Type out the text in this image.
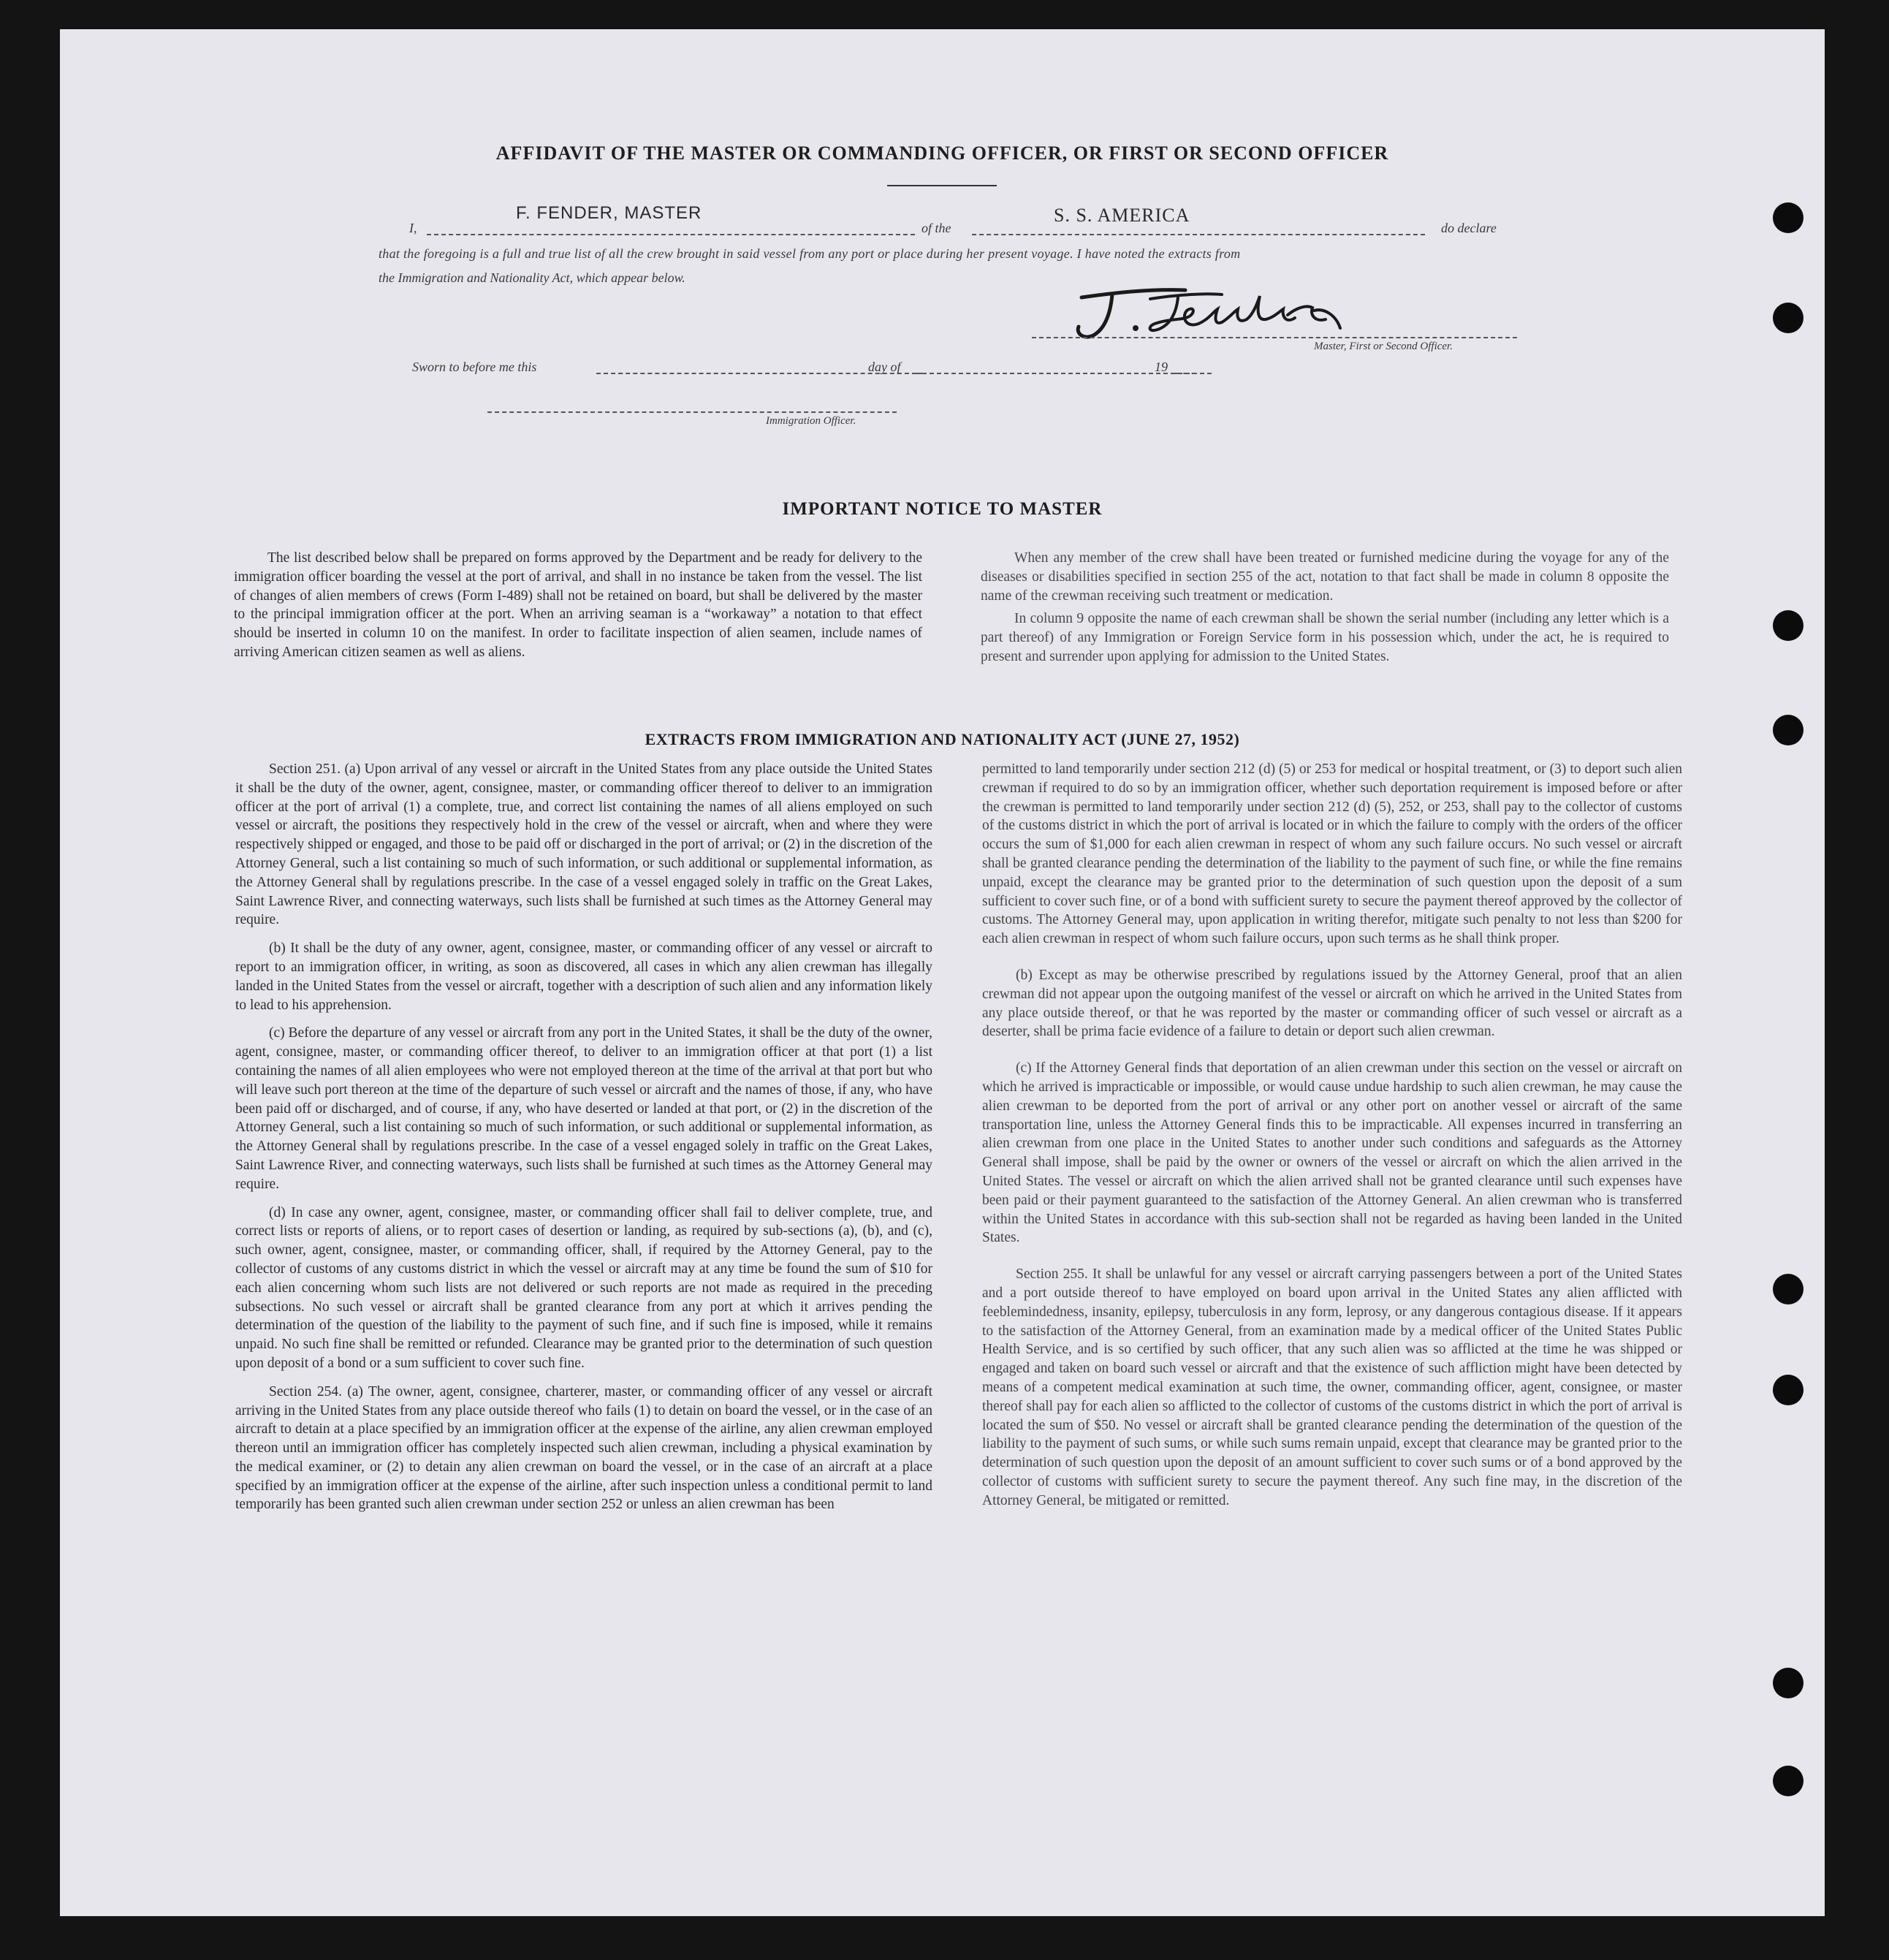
AFFIDAVIT OF THE MASTER OR COMMANDING OFFICER, OR FIRST OR SECOND OFFICER
I,
F. FENDER, MASTER
of the
S. S. AMERICA
do declare
that the foregoing is a full and true list of all the crew brought in said vessel from any port or place during her present voyage. I have noted the extracts from
the Immigration and Nationality Act, which appear below.
Master, First or Second Officer.
Sworn to before me this	day of	19
Immigration Officer.
IMPORTANT NOTICE TO MASTER

The list described below shall be prepared on forms approved by the Department and be ready for delivery to the immigration officer boarding the vessel at the port of arrival, and shall in no instance be taken from the vessel. The list of changes of alien members of crews (Form I-489) shall not be retained on board, but shall be delivered by the master to the principal immigration officer at the port. When an arriving seaman is a “workaway” a notation to that effect should be inserted in column 10 on the manifest. In order to facilitate inspection of alien seamen, include names of arriving American citizen seamen as well as aliens.

When any member of the crew shall have been treated or furnished medicine during the voyage for any of the diseases or disabilities specified in section 255 of the act, notation to that fact shall be made in column 8 opposite the name of the crewman receiving such treatment or medication.

In column 9 opposite the name of each crewman shall be shown the serial number (including any letter which is a part thereof) of any Immigration or Foreign Service form in his possession which, under the act, he is required to present and surrender upon applying for admission to the United States.

EXTRACTS FROM IMMIGRATION AND NATIONALITY ACT (JUNE 27, 1952)

Section 251. (a) Upon arrival of any vessel or aircraft in the United States from any place outside the United States it shall be the duty of the owner, agent, consignee, master, or commanding officer thereof to deliver to an immigration officer at the port of arrival (1) a complete, true, and correct list containing the names of all aliens employed on such vessel or aircraft, the positions they respectively hold in the crew of the vessel or aircraft, when and where they were respectively shipped or engaged, and those to be paid off or discharged in the port of arrival; or (2) in the discretion of the Attorney General, such a list containing so much of such information, or such additional or supplemental information, as the Attorney General shall by regulations prescribe. In the case of a vessel engaged solely in traffic on the Great Lakes, Saint Lawrence River, and connecting waterways, such lists shall be furnished at such times as the Attorney General may require.

(b) It shall be the duty of any owner, agent, consignee, master, or commanding officer of any vessel or aircraft to report to an immigration officer, in writing, as soon as discovered, all cases in which any alien crewman has illegally landed in the United States from the vessel or aircraft, together with a description of such alien and any information likely to lead to his apprehension.

(c) Before the departure of any vessel or aircraft from any port in the United States, it shall be the duty of the owner, agent, consignee, master, or commanding officer thereof, to deliver to an immigration officer at that port (1) a list containing the names of all alien employees who were not employed thereon at the time of the arrival at that port but who will leave such port thereon at the time of the departure of such vessel or aircraft and the names of those, if any, who have been paid off or discharged, and of course, if any, who have deserted or landed at that port, or (2) in the discretion of the Attorney General, such a list containing so much of such information, or such additional or supplemental information, as the Attorney General shall by regulations prescribe. In the case of a vessel engaged solely in traffic on the Great Lakes, Saint Lawrence River, and connecting waterways, such lists shall be furnished at such times as the Attorney General may require.

(d) In case any owner, agent, consignee, master, or commanding officer shall fail to deliver complete, true, and correct lists or reports of aliens, or to report cases of desertion or landing, as required by sub-sections (a), (b), and (c), such owner, agent, consignee, master, or commanding officer, shall, if required by the Attorney General, pay to the collector of customs of any customs district in which the vessel or aircraft may at any time be found the sum of $10 for each alien concerning whom such lists are not delivered or such reports are not made as required in the preceding subsections. No such vessel or aircraft shall be granted clearance from any port at which it arrives pending the determination of the question of the liability to the payment of such fine, and if such fine is imposed, while it remains unpaid. No such fine shall be remitted or refunded. Clearance may be granted prior to the determination of such question upon deposit of a bond or a sum sufficient to cover such fine.

Section 254. (a) The owner, agent, consignee, charterer, master, or commanding officer of any vessel or aircraft arriving in the United States from any place outside thereof who fails (1) to detain on board the vessel, or in the case of an aircraft to detain at a place specified by an immigration officer at the expense of the airline, any alien crewman employed thereon until an immigration officer has completely inspected such alien crewman, including a physical examination by the medical examiner, or (2) to detain any alien crewman on board the vessel, or in the case of an aircraft at a place specified by an immigration officer at the expense of the airline, after such inspection unless a conditional permit to land temporarily has been granted such alien crewman under section 252 or unless an alien crewman has been

permitted to land temporarily under section 212 (d) (5) or 253 for medical or hospital treatment, or (3) to deport such alien crewman if required to do so by an immigration officer, whether such deportation requirement is imposed before or after the crewman is permitted to land temporarily under section 212 (d) (5), 252, or 253, shall pay to the collector of customs of the customs district in which the port of arrival is located or in which the failure to comply with the orders of the officer occurs the sum of $1,000 for each alien crewman in respect of whom any such failure occurs. No such vessel or aircraft shall be granted clearance pending the determination of the liability to the payment of such fine, or while the fine remains unpaid, except the clearance may be granted prior to the determination of such question upon the deposit of a sum sufficient to cover such fine, or of a bond with sufficient surety to secure the payment thereof approved by the collector of customs. The Attorney General may, upon application in writing therefor, mitigate such penalty to not less than $200 for each alien crewman in respect of whom such failure occurs, upon such terms as he shall think proper.

(b) Except as may be otherwise prescribed by regulations issued by the Attorney General, proof that an alien crewman did not appear upon the outgoing manifest of the vessel or aircraft on which he arrived in the United States from any place outside thereof, or that he was reported by the master or commanding officer of such vessel or aircraft as a deserter, shall be prima facie evidence of a failure to detain or deport such alien crewman.

(c) If the Attorney General finds that deportation of an alien crewman under this section on the vessel or aircraft on which he arrived is impracticable or impossible, or would cause undue hardship to such alien crewman, he may cause the alien crewman to be deported from the port of arrival or any other port on another vessel or aircraft of the same transportation line, unless the Attorney General finds this to be impracticable. All expenses incurred in transferring an alien crewman from one place in the United States to another under such conditions and safeguards as the Attorney General shall impose, shall be paid by the owner or owners of the vessel or aircraft on which the alien arrived in the United States. The vessel or aircraft on which the alien arrived shall not be granted clearance until such expenses have been paid or their payment guaranteed to the satisfaction of the Attorney General. An alien crewman who is transferred within the United States in accordance with this sub-section shall not be regarded as having been landed in the United States.

Section 255. It shall be unlawful for any vessel or aircraft carrying passengers between a port of the United States and a port outside thereof to have employed on board upon arrival in the United States any alien afflicted with feeblemindedness, insanity, epilepsy, tuberculosis in any form, leprosy, or any dangerous contagious disease. If it appears to the satisfaction of the Attorney General, from an examination made by a medical officer of the United States Public Health Service, and is so certified by such officer, that any such alien was so afflicted at the time he was shipped or engaged and taken on board such vessel or aircraft and that the existence of such affliction might have been detected by means of a competent medical examination at such time, the owner, commanding officer, agent, consignee, or master thereof shall pay for each alien so afflicted to the collector of customs of the customs district in which the port of arrival is located the sum of $50. No vessel or aircraft shall be granted clearance pending the determination of the question of the liability to the payment of such sums, or while such sums remain unpaid, except that clearance may be granted prior to the determination of such question upon the deposit of an amount sufficient to cover such sums or of a bond approved by the collector of customs with sufficient surety to secure the payment thereof. Any such fine may, in the discretion of the Attorney General, be mitigated or remitted.
